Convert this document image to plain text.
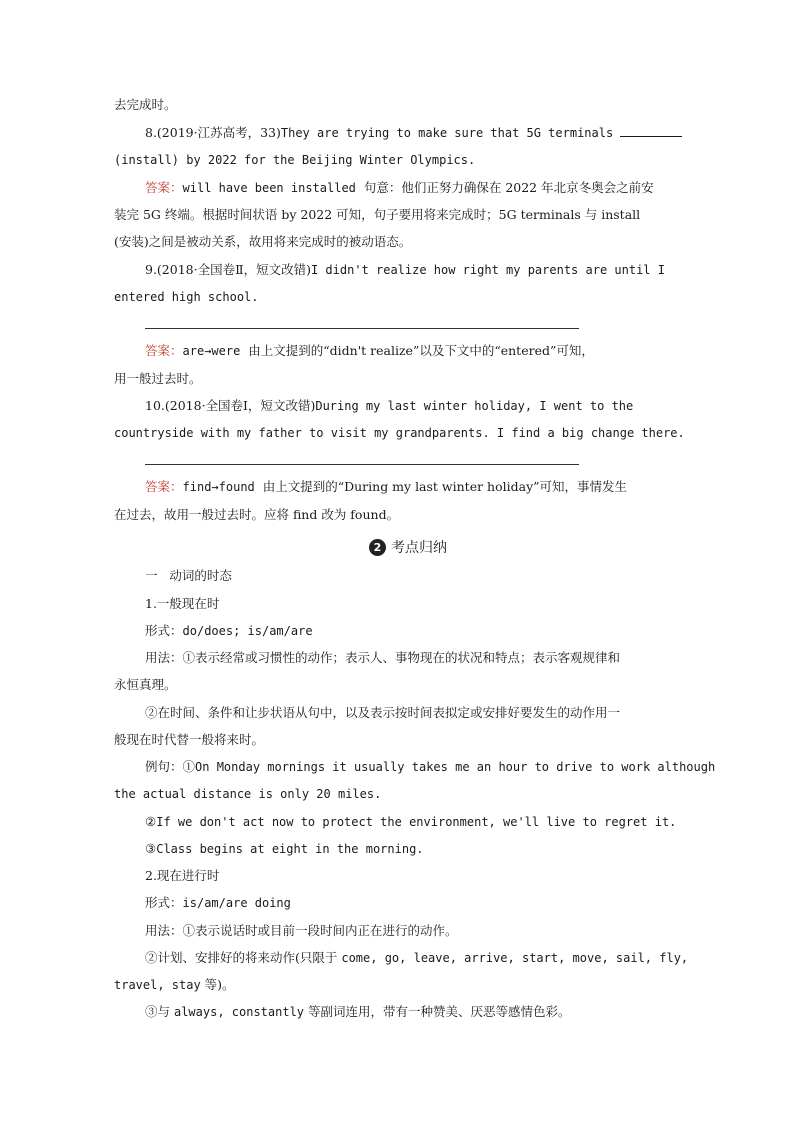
去完成时。
8.(2019·江苏高考，33)They are trying to make sure that 5G terminals
(install) by 2022 for the Beijing Winter Olympics.
答案：will have been installed  句意：他们正努力确保在 2022 年北京冬奥会之前安
装完 5G 终端。根据时间状语 by 2022 可知，句子要用将来完成时；5G terminals 与 install
(安装)之间是被动关系，故用将来完成时的被动语态。
9.(2018·全国卷Ⅱ，短文改错)I didn't realize how right my parents are until I
entered high school.
答案：are→were  由上文提到的“didn't realize”以及下文中的“entered”可知，
用一般过去时。
10.(2018·全国卷Ⅰ，短文改错)During my last winter holiday, I went to the
countryside with my father to visit my grandparents. I find a big change there.
答案：find→found  由上文提到的“During my last winter holiday”可知，事情发生
在过去，故用一般过去时。应将 find 改为 found。
2 考点归纳
一   动词的时态
1.一般现在时
形式：do/does; is/am/are
用法：①表示经常或习惯性的动作；表示人、事物现在的状况和特点；表示客观规律和
永恒真理。
②在时间、条件和让步状语从句中，以及表示按时间表拟定或安排好要发生的动作用一
般现在时代替一般将来时。
例句：①On Monday mornings it usually takes me an hour to drive to work although
the actual distance is only 20 miles.
②If we don't act now to protect the environment, we'll live to regret it.
③Class begins at eight in the morning.
2.现在进行时
形式：is/am/are doing
用法：①表示说话时或目前一段时间内正在进行的动作。
②计划、安排好的将来动作(只限于 come, go, leave, arrive, start, move, sail, fly,
travel, stay 等)。
③与 always, constantly 等副词连用，带有一种赞美、厌恶等感情色彩。
